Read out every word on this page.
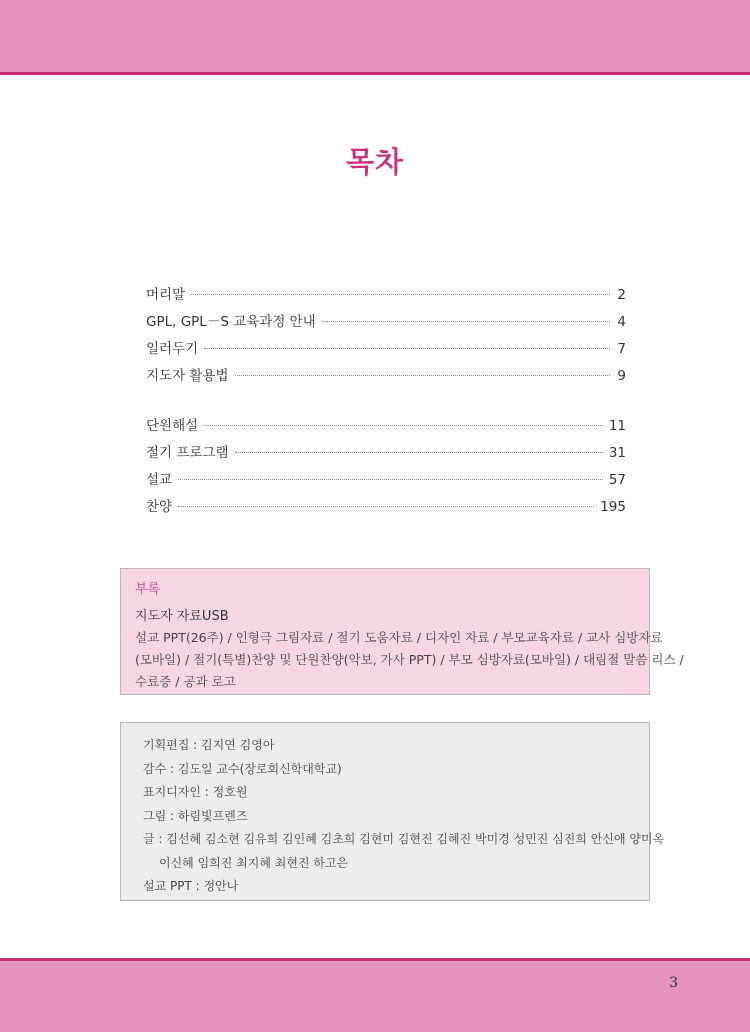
목차
머리말	2
GPL, GPL－S 교육과정 안내	4
일러두기	7
지도자 활용법	9
단원해설	11
절기 프로그램	31
설교	57
찬양	195
부록
지도자 자료USB
설교 PPT(26주) / 인형극 그림자료 / 절기 도움자료 / 디자인 자료 / 부모교육자료 / 교사 심방자료
(모바일) / 절기(특별)찬양 및 단원찬양(악보, 가사 PPT) / 부모 심방자료(모바일) / 대림절 말씀 리스 /
수료증 / 공과 로고
기획편집 : 김지연 김영아
감수 : 김도일 교수(장로회신학대학교)
표지디자인 : 정호원
그림 : 하림빛프렌즈
글 : 김선혜 김소현 김유희 김인혜 김초희 김현미 김현진 김혜진 박미경 성민진 심진희 안신애 양미옥
이신혜 임희진 최지혜 최현진 하고은
설교 PPT : 정안나
3
